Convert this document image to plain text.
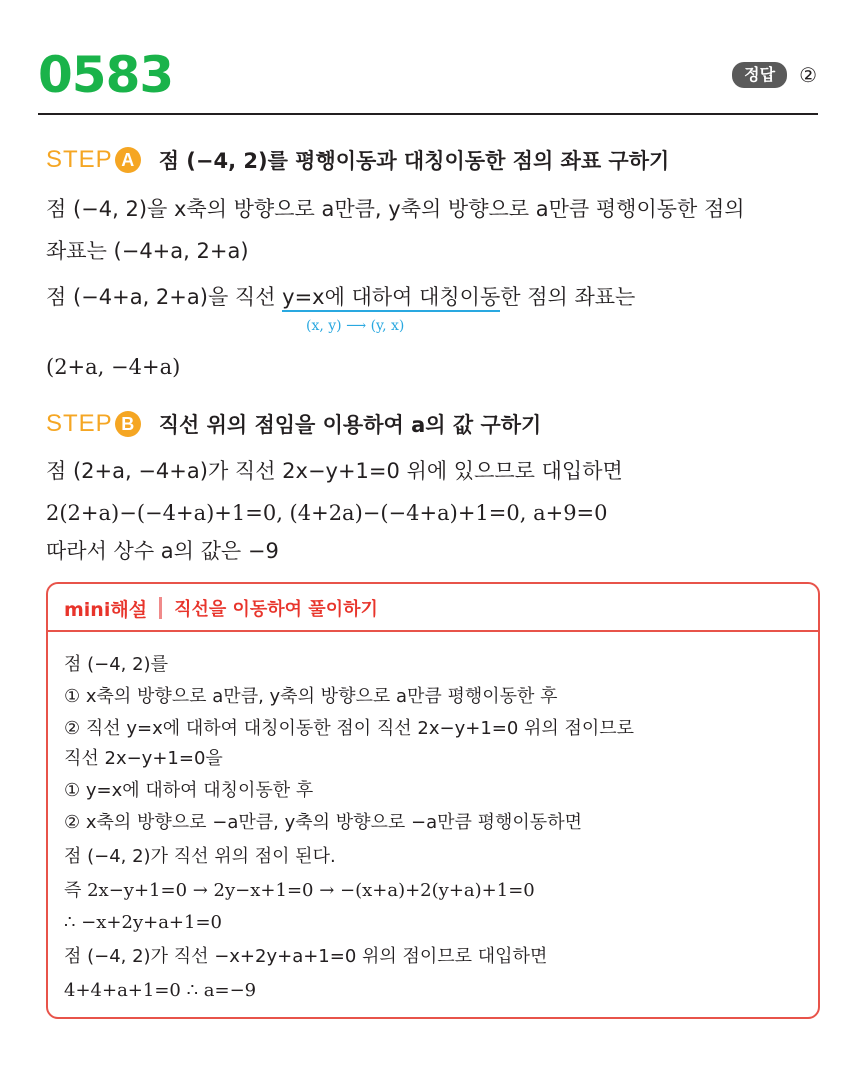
0583	정답	②
STEP A	점 (−4, 2)를 평행이동과 대칭이동한 점의 좌표 구하기
점 (−4, 2)을 x축의 방향으로 a만큼, y축의 방향으로 a만큼 평행이동한 점의
좌표는 (−4+a, 2+a)
점 (−4+a, 2+a)을 직선 y=x에 대하여 대칭이동한 점의 좌표는
(x, y) ⟶ (y, x)
(2+a, −4+a)
STEP B	직선 위의 점임을 이용하여 a의 값 구하기
점 (2+a, −4+a)가 직선 2x−y+1=0 위에 있으므로 대입하면
2(2+a)−(−4+a)+1=0, (4+2a)−(−4+a)+1=0, a+9=0
따라서 상수 a의 값은 −9
mini해설 직선을 이동하여 풀이하기
점 (−4, 2)를
① x축의 방향으로 a만큼, y축의 방향으로 a만큼 평행이동한 후
② 직선 y=x에 대하여 대칭이동한 점이 직선 2x−y+1=0 위의 점이므로
직선 2x−y+1=0을
① y=x에 대하여 대칭이동한 후
② x축의 방향으로 −a만큼, y축의 방향으로 −a만큼 평행이동하면
점 (−4, 2)가 직선 위의 점이 된다.
즉 2x−y+1=0 → 2y−x+1=0 → −(x+a)+2(y+a)+1=0
∴ −x+2y+a+1=0
점 (−4, 2)가 직선 −x+2y+a+1=0 위의 점이므로 대입하면
4+4+a+1=0 ∴ a=−9
